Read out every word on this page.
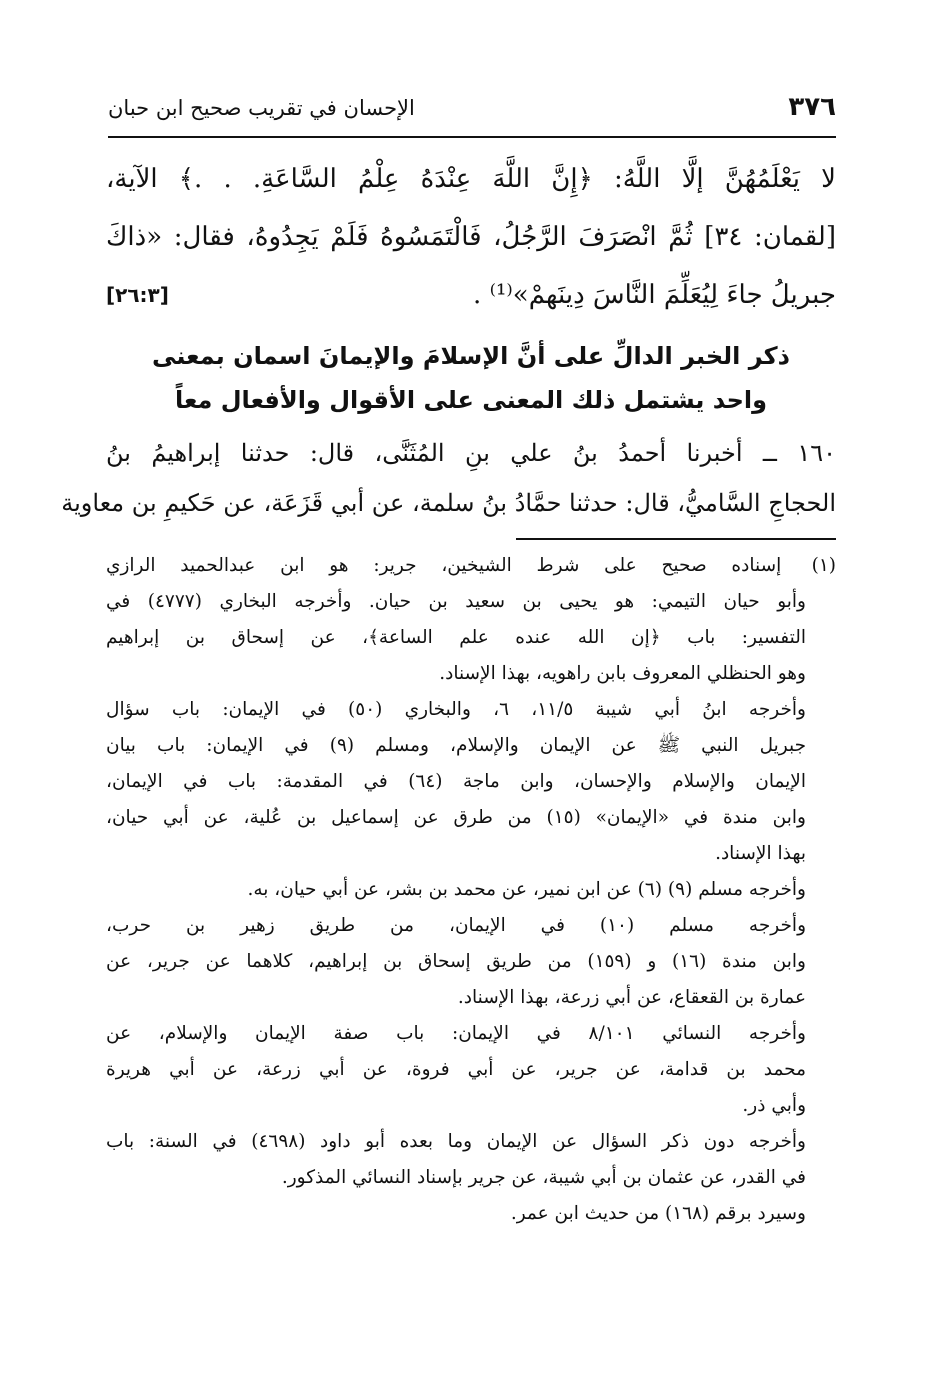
٣٧٦
الإحسان في تقريب صحيح ابن حبان
لا يَعْلَمُهُنَّ إلَّا اللَّهُ: ﴿إِنَّ اللَّهَ عِنْدَهُ عِلْمُ السَّاعَةِ. . .﴾ الآية،
[لقمان: ٣٤] ثُمَّ انْصَرَفَ الرَّجُلُ، فَالْتَمَسُوهُ فَلَمْ يَجِدُوهُ، فقال: «ذاكَ
جبريلُ جاءَ لِيُعَلِّمَ النَّاسَ دِينَهمْ»⁽¹⁾ .
[٢٦:٣]
ذكر الخبر الدالِّ على أنَّ الإسلامَ والإيمانَ اسمان بمعنى
واحد يشتمل ذلك المعنى على الأقوال والأفعال معاً
١٦٠ ــ أخبرنا أحمدُ بنُ علي بنِ المُثَنَّى، قال: حدثنا إبراهيمُ بنُ
الحجاجِ السَّاميُّ، قال: حدثنا حمَّادُ بنُ سلمة، عن أبي قَزَعَة، عن حَكيمِ بن معاوية
(١) إسناده صحيح على شرط الشيخين، جرير: هو ابن عبدالحميد الرازي
وأبو حيان التيمي: هو يحيى بن سعيد بن حيان. وأخرجه البخاري (٤٧٧٧) في
التفسير: باب ﴿إن الله عنده علم الساعة﴾، عن إسحاق بن إبراهيم
وهو الحنظلي المعروف بابن راهويه، بهذا الإسناد.
وأخرجه ابنُ أبي شيبة ١١/٥، ٦، والبخاري (٥٠) في الإيمان: باب سؤال
جبريل النبي ﷺ عن الإيمان والإسلام، ومسلم (٩) في الإيمان: باب بيان
الإيمان والإسلام والإحسان، وابن ماجة (٦٤) في المقدمة: باب في الإيمان،
وابن مندة في «الإيمان» (١٥) من طرق عن إسماعيل بن عُلية، عن أبي حيان،
بهذا الإسناد.
وأخرجه مسلم (٩) (٦) عن ابن نمير، عن محمد بن بشر، عن أبي حيان، به.
وأخرجه مسلم (١٠) في الإيمان، من طريق زهير بن حرب،
وابن مندة (١٦) و (١٥٩) من طريق إسحاق بن إبراهيم، كلاهما عن جرير، عن
عمارة بن القعقاع، عن أبي زرعة، بهذا الإسناد.
وأخرجه النسائي ٨/١٠١ في الإيمان: باب صفة الإيمان والإسلام، عن
محمد بن قدامة، عن جرير، عن أبي فروة، عن أبي زرعة، عن أبي هريرة
وأبي ذر.
وأخرجه دون ذكر السؤال عن الإيمان وما بعده أبو داود (٤٦٩٨) في السنة: باب
في القدر، عن عثمان بن أبي شيبة، عن جرير بإسناد النسائي المذكور.
وسيرد برقم (١٦٨) من حديث ابن عمر.
